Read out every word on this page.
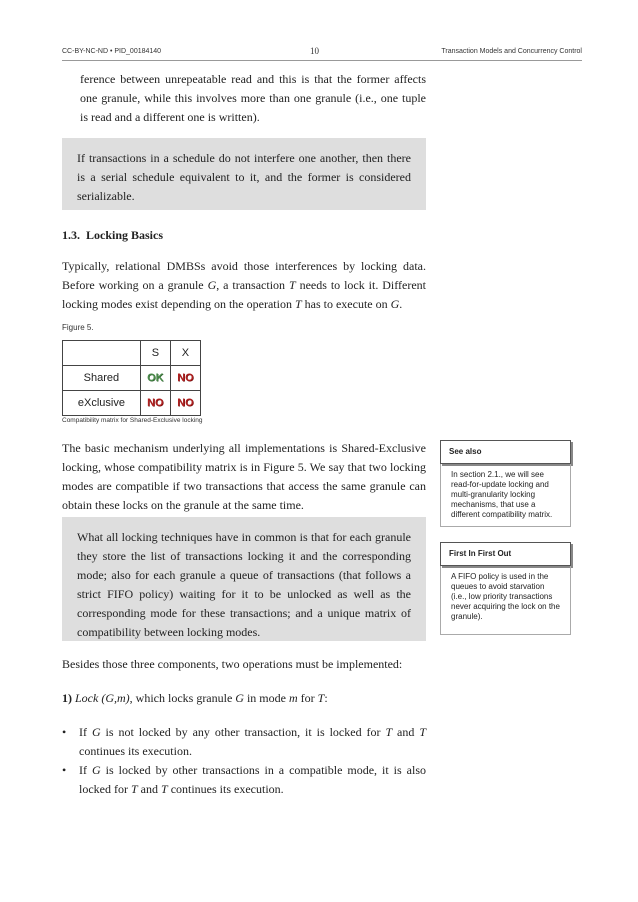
CC-BY-NC-ND • PID_00184140	10	Transaction Models and Concurrency Control
ference between unrepeatable read and this is that the former affects one granule, while this involves more than one granule (i.e., one tuple is read and a different one is written).
If transactions in a schedule do not interfere one another, then there is a serial schedule equivalent to it, and the former is considered serializable.
1.3. Locking Basics
Typically, relational DMBSs avoid those interferences by locking data. Before working on a granule G, a transaction T needs to lock it. Different locking modes exist depending on the operation T has to execute on G.
Figure 5.
	S	X
Shared	OK	NO
eXclusive	NO	NO
Compatibility matrix for Shared-Exclusive locking
The basic mechanism underlying all implementations is Shared-Exclusive locking, whose compatibility matrix is in Figure 5. We say that two locking modes are compatible if two transactions that access the same granule can obtain these locks on the granule at the same time.
What all locking techniques have in common is that for each granule they store the list of transactions locking it and the corresponding mode; also for each granule a queue of transactions (that follows a strict FIFO policy) waiting for it to be unlocked as well as the corresponding mode for these transactions; and a unique matrix of compatibility between locking modes.
See also
In section 2.1., we will see read-for-update locking and multi-granularity locking mechanisms, that use a different compatibility matrix.
First In First Out
A FIFO policy is used in the queues to avoid starvation (i.e., low priority transactions never acquiring the lock on the granule).
Besides those three components, two operations must be implemented:
1) Lock (G,m), which locks granule G in mode m for T:
• If G is not locked by any other transaction, it is locked for T and T continues its execution.
• If G is locked by other transactions in a compatible mode, it is also locked for T and T continues its execution.
